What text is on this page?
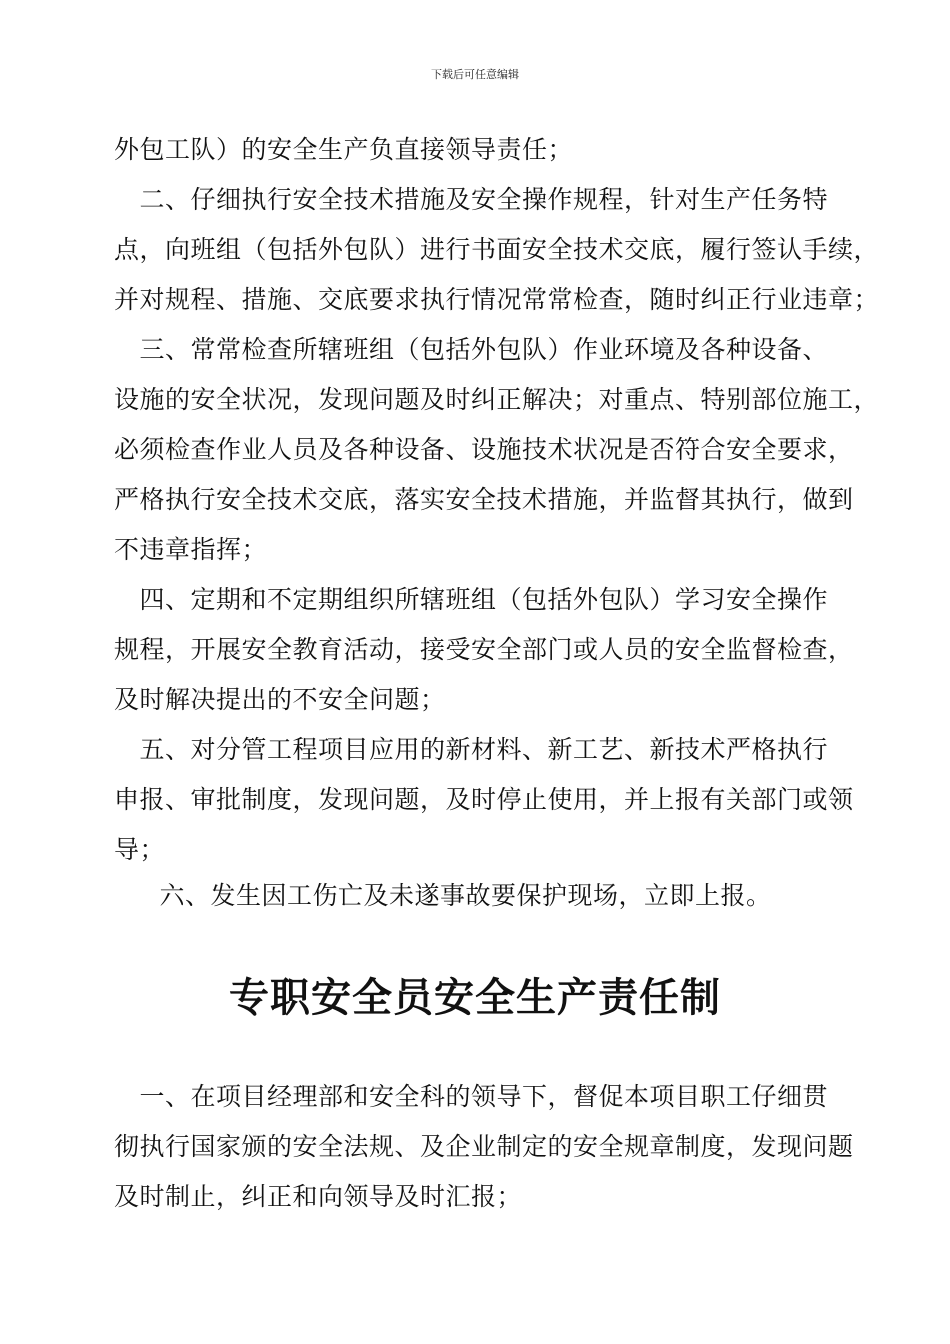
下载后可任意编辑
外包工队）的安全生产负直接领导责任；
　二、仔细执行安全技术措施及安全操作规程，针对生产任务特
点，向班组（包括外包队）进行书面安全技术交底，履行签认手续，
并对规程、措施、交底要求执行情况常常检查，随时纠正行业违章；
　三、常常检查所辖班组（包括外包队）作业环境及各种设备、
设施的安全状况，发现问题及时纠正解决；对重点、特别部位施工，
必须检查作业人员及各种设备、设施技术状况是否符合安全要求，
严格执行安全技术交底，落实安全技术措施，并监督其执行，做到
不违章指挥；
　四、定期和不定期组织所辖班组（包括外包队）学习安全操作
规程，开展安全教育活动，接受安全部门或人员的安全监督检查，
及时解决提出的不安全问题；
　五、对分管工程项目应用的新材料、新工艺、新技术严格执行
申报、审批制度，发现问题，及时停止使用，并上报有关部门或领
导；
　六、发生因工伤亡及未遂事故要保护现场，立即上报。
专职安全员安全生产责任制
　一、在项目经理部和安全科的领导下，督促本项目职工仔细贯
彻执行国家颁的安全法规、及企业制定的安全规章制度，发现问题
及时制止，纠正和向领导及时汇报；
